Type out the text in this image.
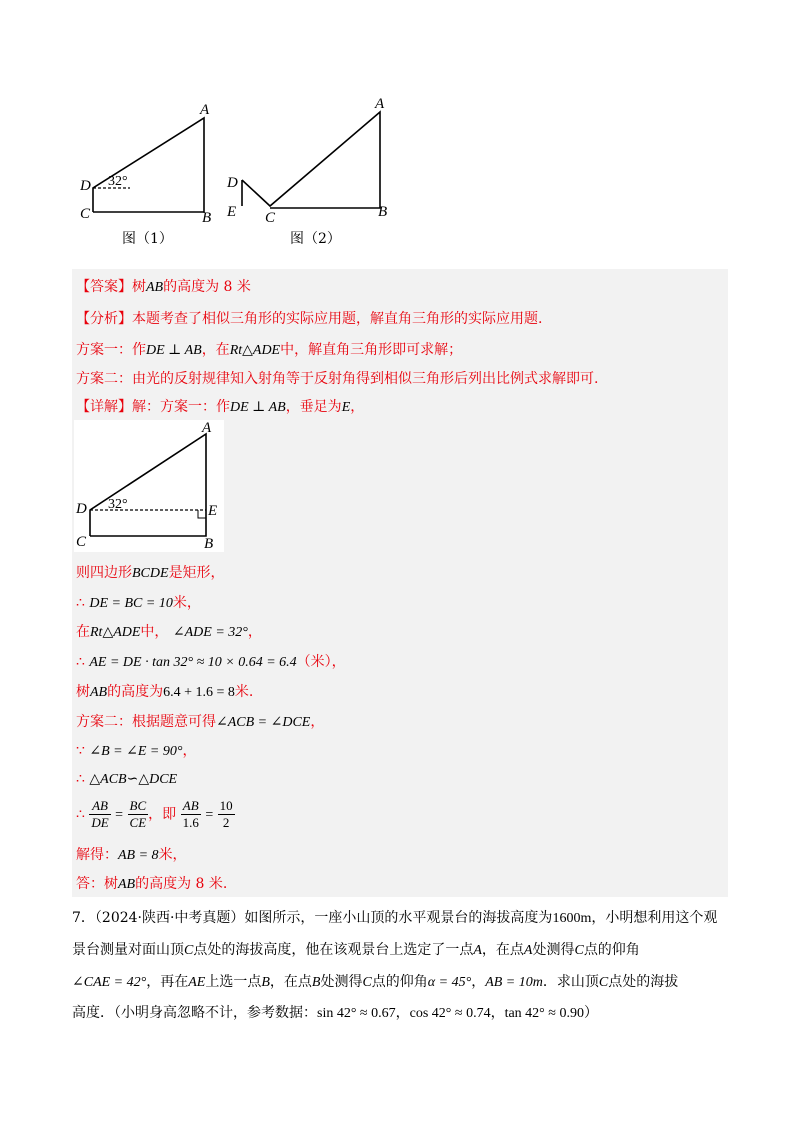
A
D
C	B
32°
图（1）
A
D
E C	B
图（2）
【答案】树AB的高度为 8 米
【分析】本题考查了相似三角形的实际应用题，解直角三角形的实际应用题.
方案一：作DE ⊥ AB，在Rt△ADE中，解直角三角形即可求解；
方案二：由光的反射规律知入射角等于反射角得到相似三角形后列出比例式求解即可.
【详解】解：方案一：作DE ⊥ AB，垂足为E，
A
D
C
E
B
32°
则四边形BCDE是矩形，
∴ DE = BC = 10米，
在Rt△ADE中， ∠ADE = 32°，
∴ AE = DE · tan 32° ≈ 10 × 0.64 = 6.4（米），
树AB的高度为6.4 + 1.6 = 8米.
方案二：根据题意可得∠ACB = ∠DCE，
∵ ∠B = ∠E = 90°，
∴ △ACB∽△DCE
∴ $\frac{AB}{DE} = \frac{BC}{CE}$ ，即 $\frac{AB}{1.6} = \frac{10}{2}$
解得：AB = 8米，
答：树AB的高度为 8 米.
7．（2024·陕西·中考真题）如图所示，一座小山顶的水平观景台的海拔高度为1600m，小明想利用这个观
景台测量对面山顶C点处的海拔高度，他在该观景台上选定了一点A，在点A处测得C点的仰角
∠CAE = 42°，再在AE上选一点B，在点B处测得C点的仰角α = 45°，AB = 10m．求山顶C点处的海拔
高度．（小明身高忽略不计，参考数据：sin 42° ≈ 0.67，cos 42° ≈ 0.74，tan 42° ≈ 0.90）
